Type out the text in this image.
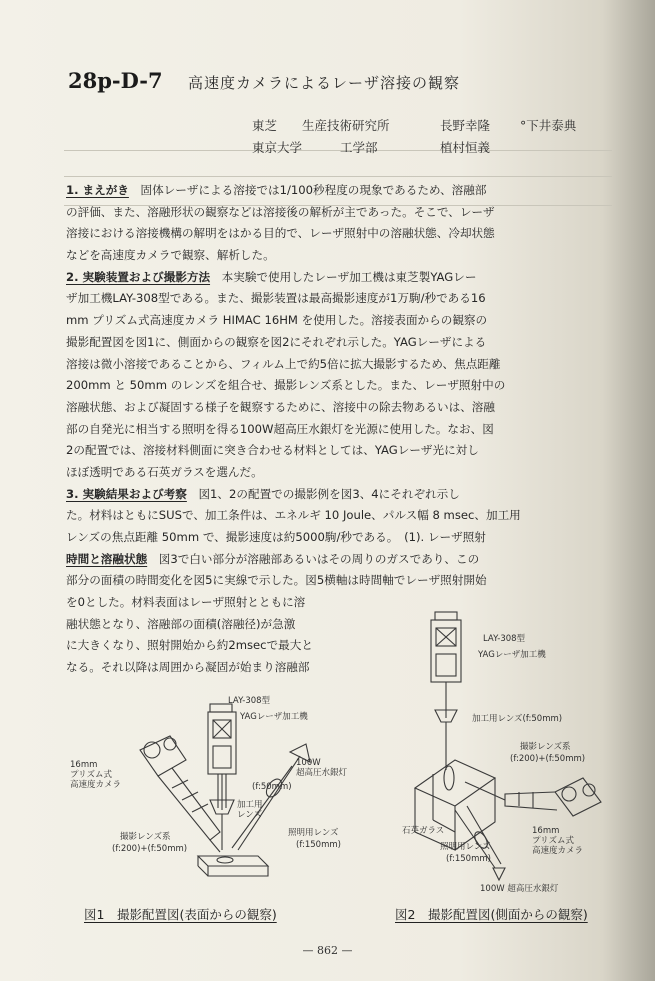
28p-D-7 高速度カメラによるレーザ溶接の観察
東芝 生産技術研究所	長野幸隆 °下井泰典
東京大学	工学部	植村恒義
1. まえがき　固体レーザによる溶接では1/100秒程度の現象であるため、溶融部
の評価、また、溶融形状の観察などは溶接後の解析が主であった。そこで、レーザ
溶接における溶接機構の解明をはかる目的で、レーザ照射中の溶融状態、冷却状態
などを高速度カメラで観察、解析した。
2. 実験装置および撮影方法　本実験で使用したレーザ加工機は東芝製YAGレー
ザ加工機LAY-308型である。また、撮影装置は最高撮影速度が1万駒/秒である16
mm プリズム式高速度カメラ HIMAC 16HM を使用した。溶接表面からの観察の
撮影配置図を図1に、側面からの観察を図2にそれぞれ示した。YAGレーザによる
溶接は微小溶接であることから、フィルム上で約5倍に拡大撮影するため、焦点距離
200mm と 50mm のレンズを組合せ、撮影レンズ系とした。また、レーザ照射中の
溶融状態、および凝固する様子を観察するために、溶接中の除去物あるいは、溶融
部の自発光に相当する照明を得る100W超高圧水銀灯を光源に使用した。なお、図
2の配置では、溶接材料側面に突き合わせる材料としては、YAGレーザ光に対し
ほぼ透明である石英ガラスを選んだ。
3. 実験結果および考察　図1、2の配置での撮影例を図3、4にそれぞれ示し
た。材料はともにSUSで、加工条件は、エネルギ 10 Joule、パルス幅 8 msec、加工用
レンズの焦点距離 50mm で、撮影速度は約5000駒/秒である。　(1). レーザ照射
時間と溶融状態　図3で白い部分が溶融部あるいはその周りのガスであり、この
部分の面積の時間変化を図5に実線で示した。図5横軸は時間軸でレーザ照射開始
を0とした。材料表面はレーザ照射とともに溶
融状態となり、溶融部の面積(溶融径)が急激
に大きくなり、照射開始から約2msecで最大と
なる。それ以降は周囲から凝固が始まり溶融部
LAY-308型
YAGレーザ加工機
16mm
プリズム式
高速度カメラ
撮影レンズ系
(f:200)+(f:50mm)
加工用
レンズ
(f:50mm)
100W
超高圧水銀灯
照明用レンズ
(f:150mm)
図1　撮影配置図(表面からの観察)
LAY-308型
YAGレーザ加工機
加工用レンズ(f:50mm)
撮影レンズ系
(f:200)+(f:50mm)
石英ガラス
照明用レンズ
(f:150mm)
16mm
プリズム式
高速度カメラ
100W 超高圧水銀灯
図2　撮影配置図(側面からの観察)
— 862 —
